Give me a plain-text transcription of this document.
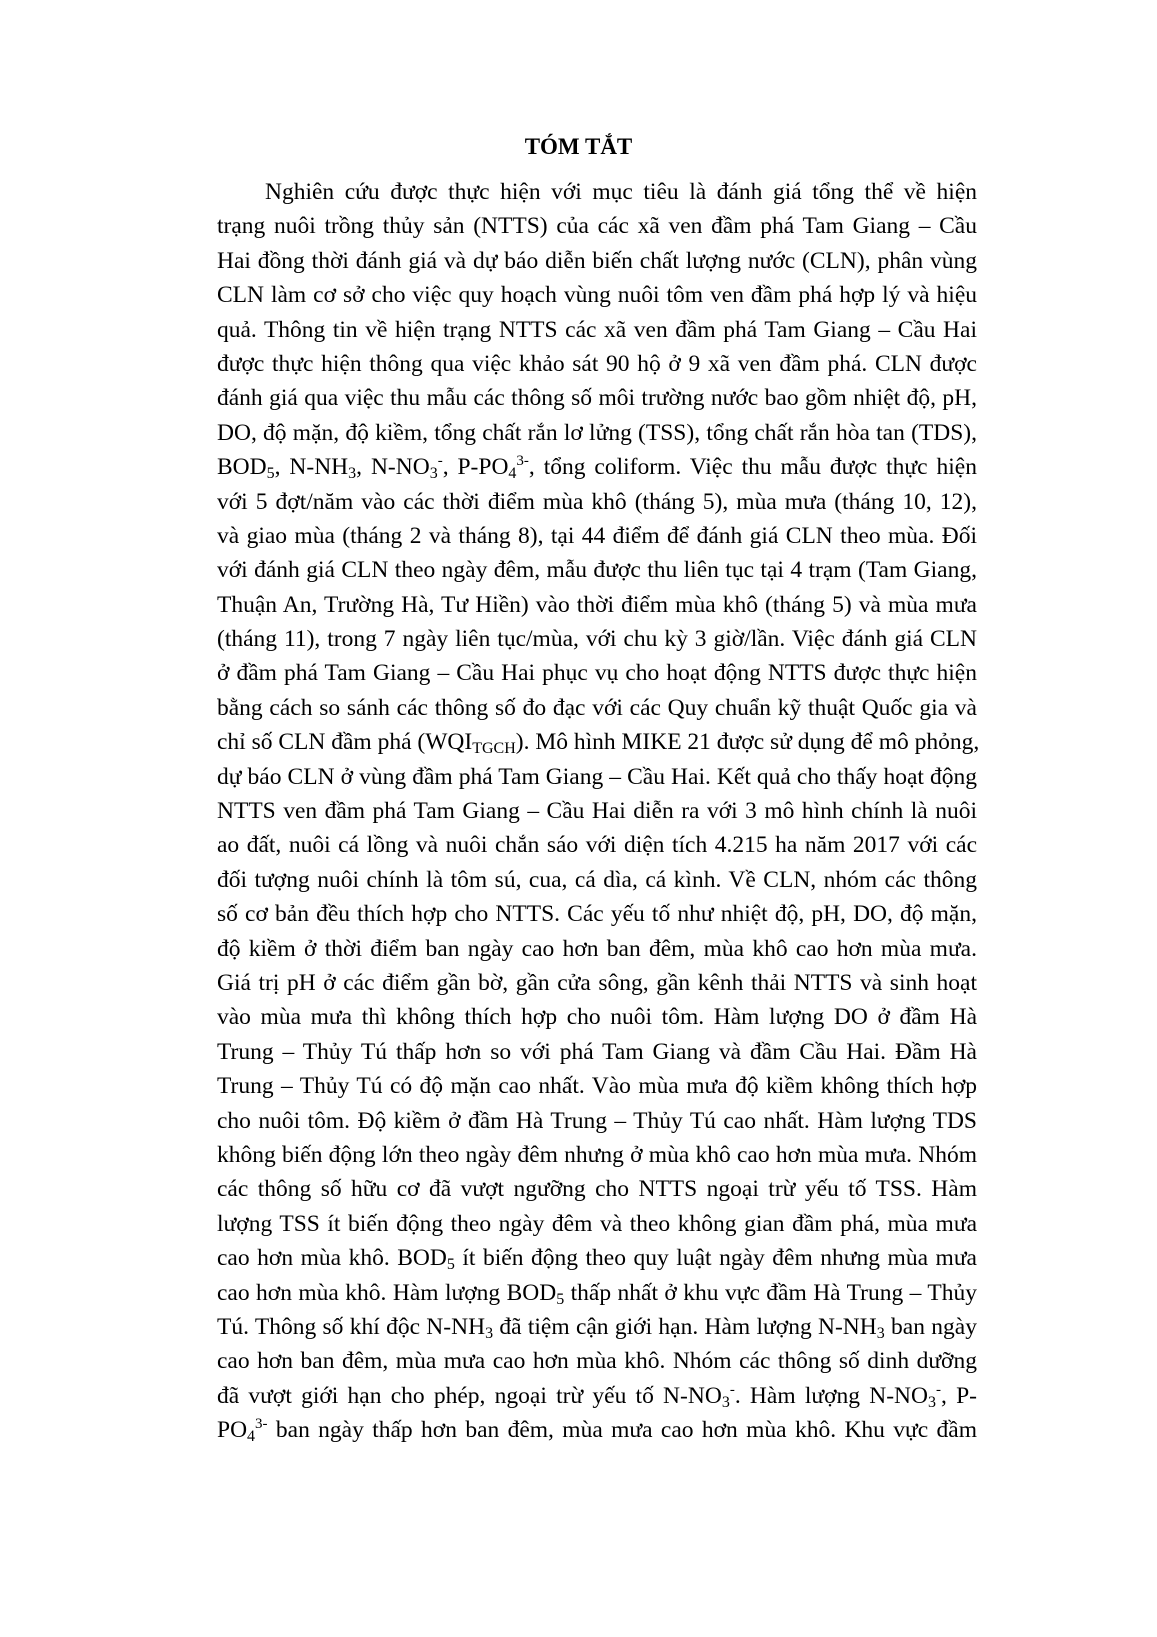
TÓM TẮT
Nghiên cứu được thực hiện với mục tiêu là đánh giá tổng thể về hiện
trạng nuôi trồng thủy sản (NTTS) của các xã ven đầm phá Tam Giang – Cầu
Hai đồng thời đánh giá và dự báo diễn biến chất lượng nước (CLN), phân vùng
CLN làm cơ sở cho việc quy hoạch vùng nuôi tôm ven đầm phá hợp lý và hiệu
quả. Thông tin về hiện trạng NTTS các xã ven đầm phá Tam Giang – Cầu Hai
được thực hiện thông qua việc khảo sát 90 hộ ở 9 xã ven đầm phá. CLN được
đánh giá qua việc thu mẫu các thông số môi trường nước bao gồm nhiệt độ, pH,
DO, độ mặn, độ kiềm, tổng chất rắn lơ lửng (TSS), tổng chất rắn hòa tan (TDS),
$BOD_5$, $N-NH_3$, $N-NO_3^-$, $P-PO_4^{3-}$, tổng coliform. Việc thu mẫu được thực hiện
với 5 đợt/năm vào các thời điểm mùa khô (tháng 5), mùa mưa (tháng 10, 12),
và giao mùa (tháng 2 và tháng 8), tại 44 điểm để đánh giá CLN theo mùa. Đối
với đánh giá CLN theo ngày đêm, mẫu được thu liên tục tại 4 trạm (Tam Giang,
Thuận An, Trường Hà, Tư Hiền) vào thời điểm mùa khô (tháng 5) và mùa mưa
(tháng 11), trong 7 ngày liên tục/mùa, với chu kỳ 3 giờ/lần. Việc đánh giá CLN
ở đầm phá Tam Giang – Cầu Hai phục vụ cho hoạt động NTTS được thực hiện
bằng cách so sánh các thông số đo đạc với các Quy chuẩn kỹ thuật Quốc gia và
chỉ số CLN đầm phá $(WQI_{TGCH})$. Mô hình MIKE 21 được sử dụng để mô phỏng,
dự báo CLN ở vùng đầm phá Tam Giang – Cầu Hai. Kết quả cho thấy hoạt động
NTTS ven đầm phá Tam Giang – Cầu Hai diễn ra với 3 mô hình chính là nuôi
ao đất, nuôi cá lồng và nuôi chắn sáo với diện tích 4.215 ha năm 2017 với các
đối tượng nuôi chính là tôm sú, cua, cá dìa, cá kình. Về CLN, nhóm các thông
số cơ bản đều thích hợp cho NTTS. Các yếu tố như nhiệt độ, pH, DO, độ mặn,
độ kiềm ở thời điểm ban ngày cao hơn ban đêm, mùa khô cao hơn mùa mưa.
Giá trị pH ở các điểm gần bờ, gần cửa sông, gần kênh thải NTTS và sinh hoạt
vào mùa mưa thì không thích hợp cho nuôi tôm. Hàm lượng DO ở đầm Hà
Trung – Thủy Tú thấp hơn so với phá Tam Giang và đầm Cầu Hai. Đầm Hà
Trung – Thủy Tú có độ mặn cao nhất. Vào mùa mưa độ kiềm không thích hợp
cho nuôi tôm. Độ kiềm ở đầm Hà Trung – Thủy Tú cao nhất. Hàm lượng TDS
không biến động lớn theo ngày đêm nhưng ở mùa khô cao hơn mùa mưa. Nhóm
các thông số hữu cơ đã vượt ngưỡng cho NTTS ngoại trừ yếu tố TSS. Hàm
lượng TSS ít biến động theo ngày đêm và theo không gian đầm phá, mùa mưa
cao hơn mùa khô. $BOD_5$ ít biến động theo quy luật ngày đêm nhưng mùa mưa
cao hơn mùa khô. Hàm lượng $BOD_5$ thấp nhất ở khu vực đầm Hà Trung – Thủy
Tú. Thông số khí độc $N-NH_3$ đã tiệm cận giới hạn. Hàm lượng $N-NH_3$ ban ngày
cao hơn ban đêm, mùa mưa cao hơn mùa khô. Nhóm các thông số dinh dưỡng
đã vượt giới hạn cho phép, ngoại trừ yếu tố $N-NO_3^-$. Hàm lượng $N-NO_3^-$, P-
$PO_4^{3-}$ ban ngày thấp hơn ban đêm, mùa mưa cao hơn mùa khô. Khu vực đầm
